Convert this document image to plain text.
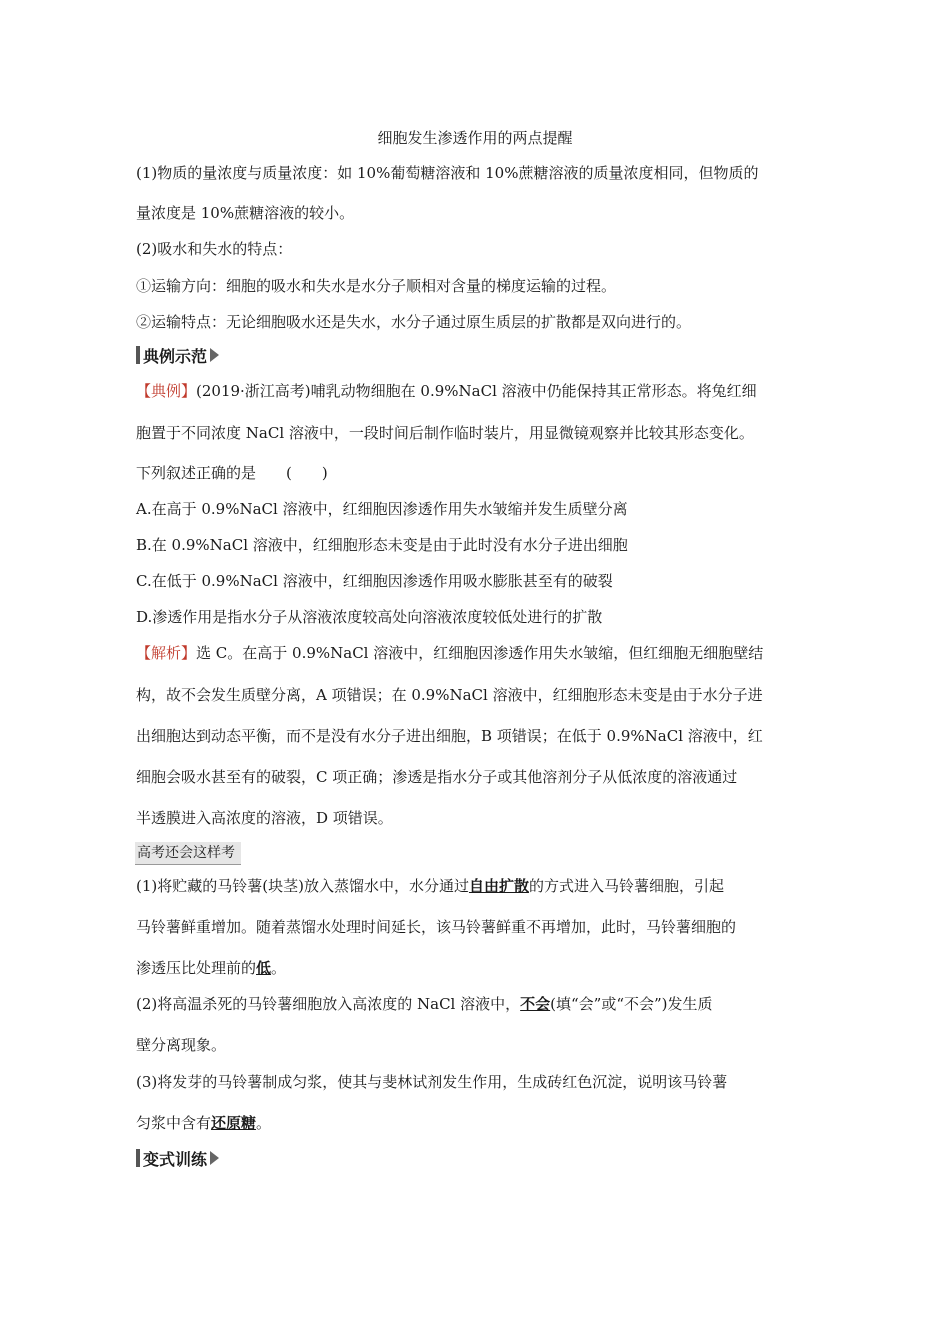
细胞发生渗透作用的两点提醒
(1)物质的量浓度与质量浓度：如 10%葡萄糖溶液和 10%蔗糖溶液的质量浓度相同，但物质的
量浓度是 10%蔗糖溶液的较小。
(2)吸水和失水的特点：
①运输方向：细胞的吸水和失水是水分子顺相对含量的梯度运输的过程。
②运输特点：无论细胞吸水还是失水，水分子通过原生质层的扩散都是双向进行的。
典例示范
【典例】(2019·浙江高考)哺乳动物细胞在 0.9%NaCl 溶液中仍能保持其正常形态。将兔红细
胞置于不同浓度 NaCl 溶液中，一段时间后制作临时装片，用显微镜观察并比较其形态变化。
下列叙述正确的是　　(　　)
A.在高于 0.9%NaCl 溶液中，红细胞因渗透作用失水皱缩并发生质壁分离
B.在 0.9%NaCl 溶液中，红细胞形态未变是由于此时没有水分子进出细胞
C.在低于 0.9%NaCl 溶液中，红细胞因渗透作用吸水膨胀甚至有的破裂
D.渗透作用是指水分子从溶液浓度较高处向溶液浓度较低处进行的扩散
【解析】选 C。在高于 0.9%NaCl 溶液中，红细胞因渗透作用失水皱缩，但红细胞无细胞壁结
构，故不会发生质壁分离，A 项错误；在 0.9%NaCl 溶液中，红细胞形态未变是由于水分子进
出细胞达到动态平衡，而不是没有水分子进出细胞，B 项错误；在低于 0.9%NaCl 溶液中，红
细胞会吸水甚至有的破裂，C 项正确；渗透是指水分子或其他溶剂分子从低浓度的溶液通过
半透膜进入高浓度的溶液，D 项错误。
高考还会这样考
(1)将贮藏的马铃薯(块茎)放入蒸馏水中，水分通过自由扩散的方式进入马铃薯细胞，引起
马铃薯鲜重增加。随着蒸馏水处理时间延长，该马铃薯鲜重不再增加，此时，马铃薯细胞的
渗透压比处理前的低。
(2)将高温杀死的马铃薯细胞放入高浓度的 NaCl 溶液中，不会(填“会”或“不会”)发生质
壁分离现象。
(3)将发芽的马铃薯制成匀浆，使其与斐林试剂发生作用，生成砖红色沉淀，说明该马铃薯
匀浆中含有还原糖。
变式训练
